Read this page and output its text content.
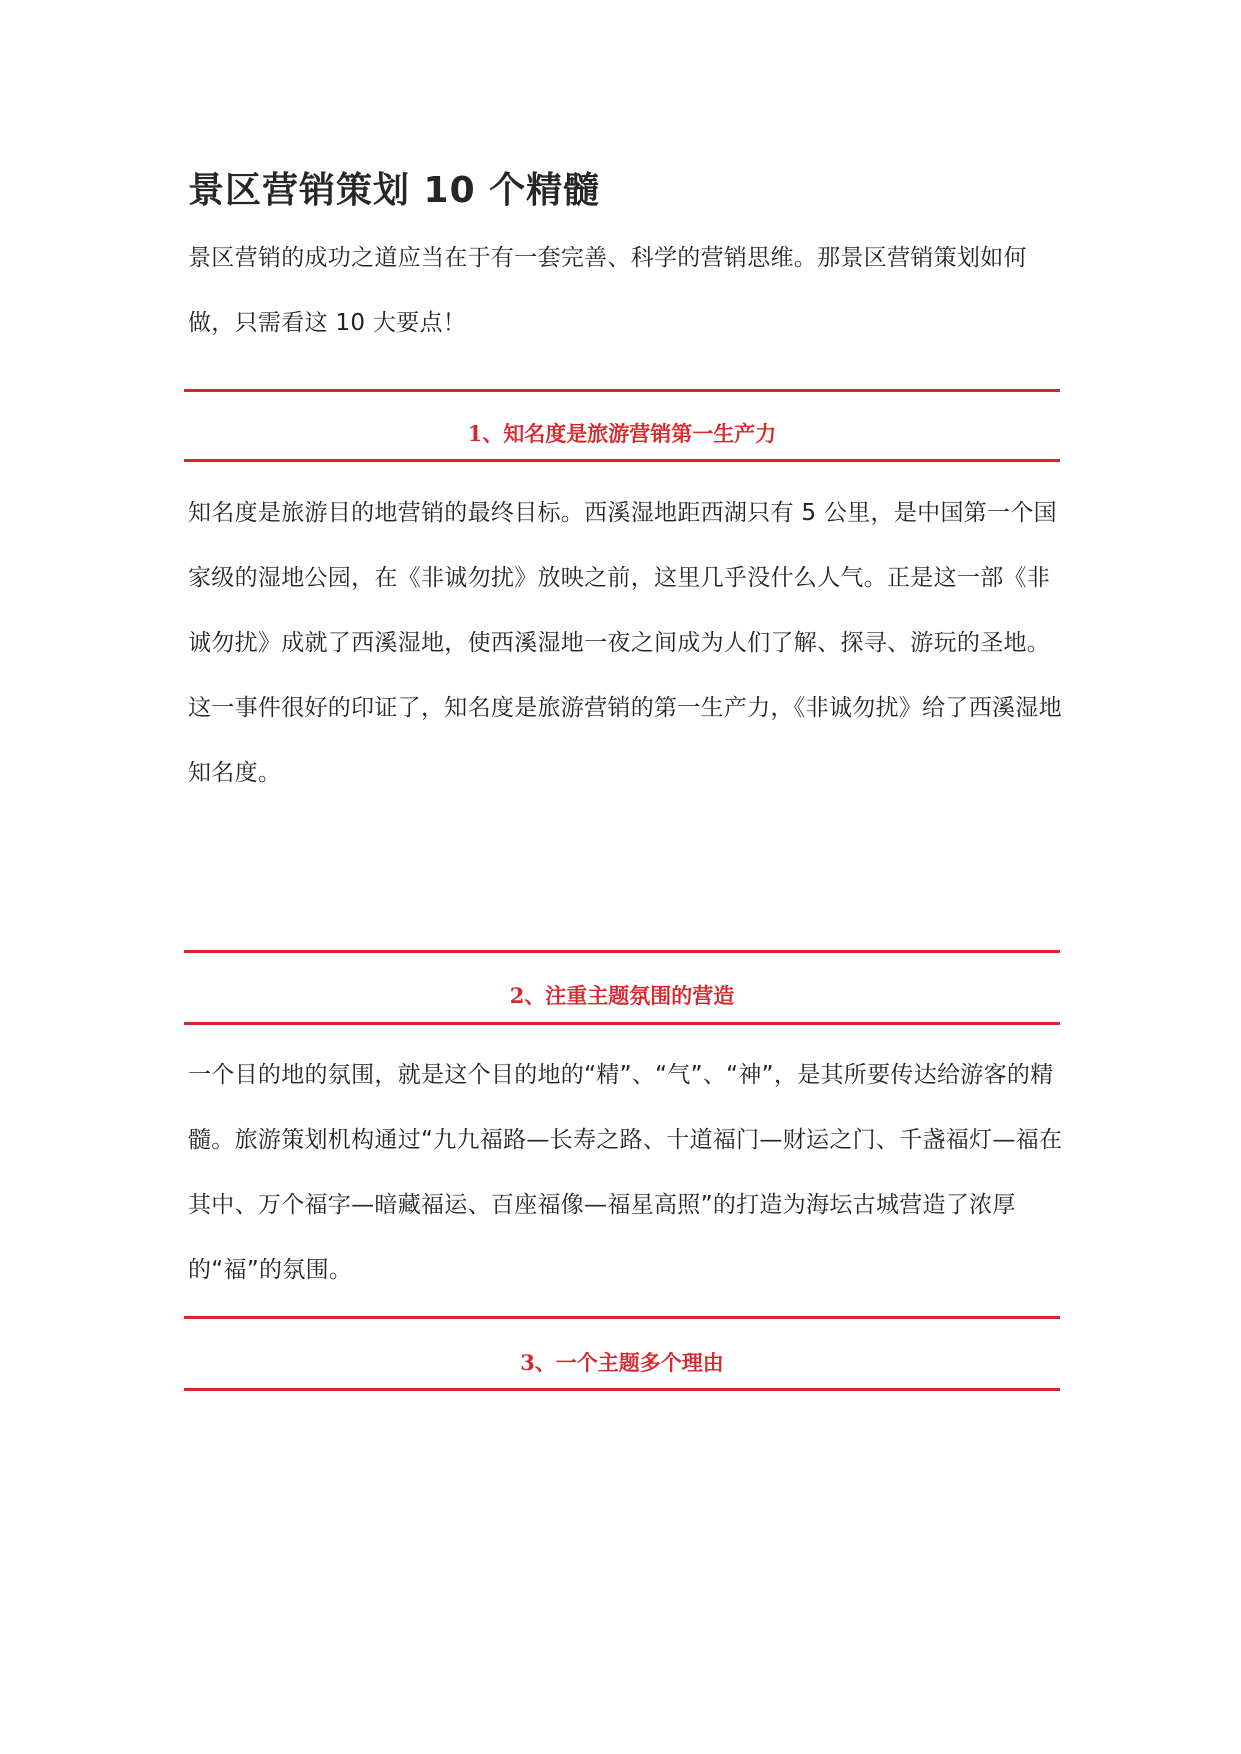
景区营销策划 10 个精髓

景区营销的成功之道应当在于有一套完善、科学的营销思维。那景区营销策划如何做，只需看这 10 大要点！

1、知名度是旅游营销第一生产力

知名度是旅游目的地营销的最终目标。西溪湿地距西湖只有 5 公里，是中国第一个国家级的湿地公园，在《非诚勿扰》放映之前，这里几乎没什么人气。正是这一部《非诚勿扰》成就了西溪湿地，使西溪湿地一夜之间成为人们了解、探寻、游玩的圣地。这一事件很好的印证了，知名度是旅游营销的第一生产力，《非诚勿扰》给了西溪湿地知名度。

2、注重主题氛围的营造

一个目的地的氛围，就是这个目的地的“精”、“气”、“神”，是其所要传达给游客的精髓。旅游策划机构通过“九九福路—长寿之路、十道福门—财运之门、千盏福灯—福在其中、万个福字—暗藏福运、百座福像—福星高照”的打造为海坛古城营造了浓厚的“福”的氛围。

3、一个主题多个理由
